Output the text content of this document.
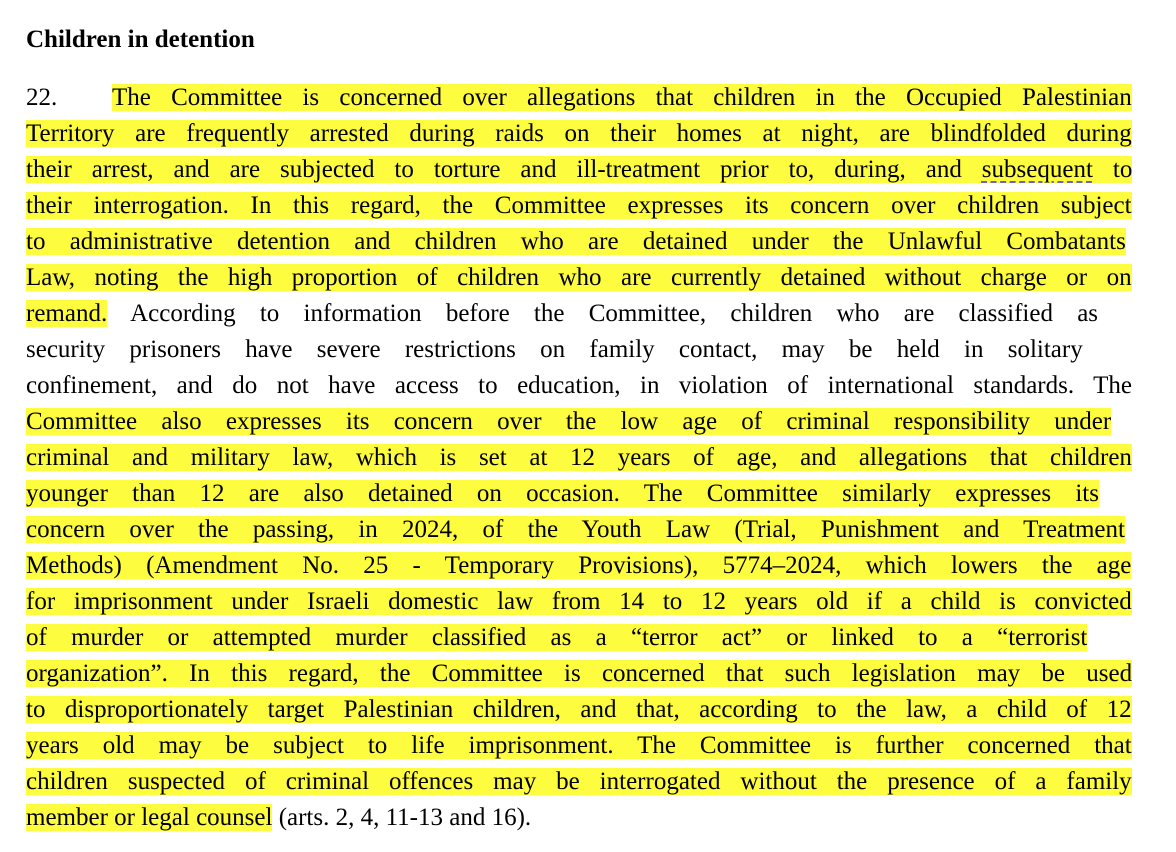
Children in detention
22. The Committee is concerned over allegations that children in the Occupied Palestinian
Territory are frequently arrested during raids on their homes at night, are blindfolded during
their arrest, and are subjected to torture and ill-treatment prior to, during, and subsequent to
their interrogation. In this regard, the Committee expresses its concern over children subject
to administrative detention and children who are detained under the Unlawful Combatants
Law, noting the high proportion of children who are currently detained without charge or on
remand. According to information before the Committee, children who are classified as
security prisoners have severe restrictions on family contact, may be held in solitary
confinement, and do not have access to education, in violation of international standards. The
Committee also expresses its concern over the low age of criminal responsibility under
criminal and military law, which is set at 12 years of age, and allegations that children
younger than 12 are also detained on occasion. The Committee similarly expresses its
concern over the passing, in 2024, of the Youth Law (Trial, Punishment and Treatment
Methods) (Amendment No. 25 - Temporary Provisions), 5774–2024, which lowers the age
for imprisonment under Israeli domestic law from 14 to 12 years old if a child is convicted
of murder or attempted murder classified as a “terror act” or linked to a “terrorist
organization”. In this regard, the Committee is concerned that such legislation may be used
to disproportionately target Palestinian children, and that, according to the law, a child of 12
years old may be subject to life imprisonment. The Committee is further concerned that
children suspected of criminal offences may be interrogated without the presence of a family
member or legal counsel (arts. 2, 4, 11-13 and 16).
